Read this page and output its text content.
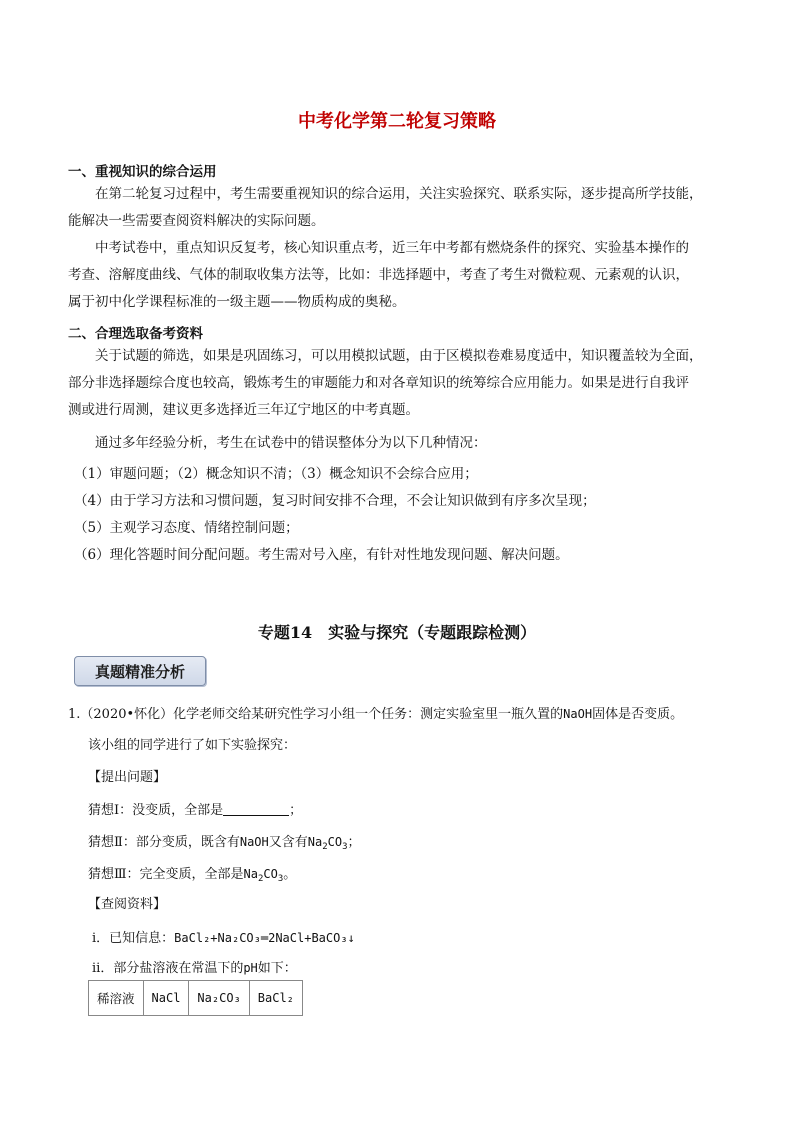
中考化学第二轮复习策略
一、重视知识的综合运用
在第二轮复习过程中，考生需要重视知识的综合运用，关注实验探究、联系实际，逐步提高所学技能，
能解决一些需要查阅资料解决的实际问题。
中考试卷中，重点知识反复考，核心知识重点考，近三年中考都有燃烧条件的探究、实验基本操作的
考查、溶解度曲线、气体的制取收集方法等，比如：非选择题中，考查了考生对微粒观、元素观的认识，
属于初中化学课程标准的一级主题——物质构成的奥秘。
二、合理选取备考资料
关于试题的筛选，如果是巩固练习，可以用模拟试题，由于区模拟卷难易度适中，知识覆盖较为全面，
部分非选择题综合度也较高，锻炼考生的审题能力和对各章知识的统筹综合应用能力。如果是进行自我评
测或进行周测，建议更多选择近三年辽宁地区的中考真题。
通过多年经验分析，考生在试卷中的错误整体分为以下几种情况：
（1）审题问题；（2）概念知识不清；（3）概念知识不会综合应用；
（4）由于学习方法和习惯问题，复习时间安排不合理，不会让知识做到有序多次呈现；
（5）主观学习态度、情绪控制问题；
（6）理化答题时间分配问题。考生需对号入座，有针对性地发现问题、解决问题。
专题14　实验与探究（专题跟踪检测）
真题精准分析
1.（2020•怀化）化学老师交给某研究性学习小组一个任务：测定实验室里一瓶久置的NaOH固体是否变质。
该小组的同学进行了如下实验探究：
【提出问题】
猜想Ⅰ：没变质，全部是	；
猜想Ⅱ：部分变质，既含有NaOH又含有$Na_2CO_3$；
猜想Ⅲ：完全变质，全部是$Na_2CO_3$。
【查阅资料】
ⅰ．已知信息：BaCl₂+Na₂CO₃═2NaCl+BaCO₃↓
ⅱ．部分盐溶液在常温下的pH如下：
稀溶液	NaCl	Na₂CO₃	BaCl₂
